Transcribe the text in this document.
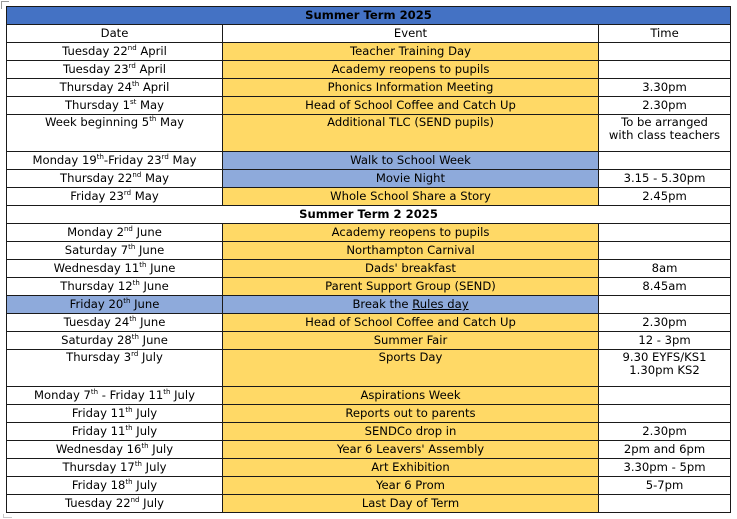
Summer Term 2025		
Date	Event	Time
Tuesday 22nd April	Teacher Training Day	
Tuesday 23rd April	Academy reopens to pupils	
Thursday 24th April	Phonics Information Meeting	3.30pm
Thursday 1st May	Head of School Coffee and Catch Up	2.30pm
Week beginning 5th May	Additional TLC (SEND pupils)	To be arranged
with class teachers

Monday 19th-Friday 23rd May	Walk to School Week	
Thursday 22nd May	Movie Night	3.15 - 5.30pm
Friday 23rd May	Whole School Share a Story	2.45pm
Summer Term 2 2025		
Monday 2nd June	Academy reopens to pupils	
Saturday 7th June	Northampton Carnival	
Wednesday 11th June	Dads' breakfast	8am
Thursday 12th June	Parent Support Group (SEND)	8.45am
Friday 20th June	Break the Rules day	
Tuesday 24th June	Head of School Coffee and Catch Up	2.30pm
Saturday 28th June	Summer Fair	12 - 3pm
Thursday 3rd July	Sports Day	9.30 EYFS/KS1
1.30pm KS2

Monday 7th - Friday 11th July	Aspirations Week	
Friday 11th July	Reports out to parents	
Friday 11th July	SENDCo drop in	2.30pm
Wednesday 16th July	Year 6 Leavers' Assembly	2pm and 6pm
Thursday 17th July	Art Exhibition	3.30pm - 5pm
Friday 18th July	Year 6 Prom	5-7pm
Tuesday 22nd July	Last Day of Term	
